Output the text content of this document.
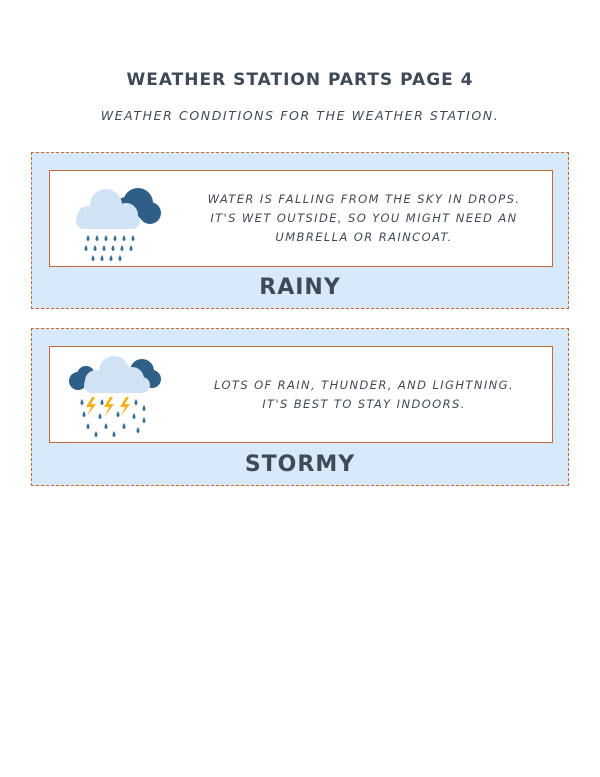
WEATHER STATION PARTS PAGE 4
WEATHER CONDITIONS FOR THE WEATHER STATION.
WATER IS FALLING FROM THE SKY IN DROPS.
IT'S WET OUTSIDE, SO YOU MIGHT NEED AN
UMBRELLA OR RAINCOAT.
RAINY
LOTS OF RAIN, THUNDER, AND LIGHTNING.
IT'S BEST TO STAY INDOORS.
STORMY
